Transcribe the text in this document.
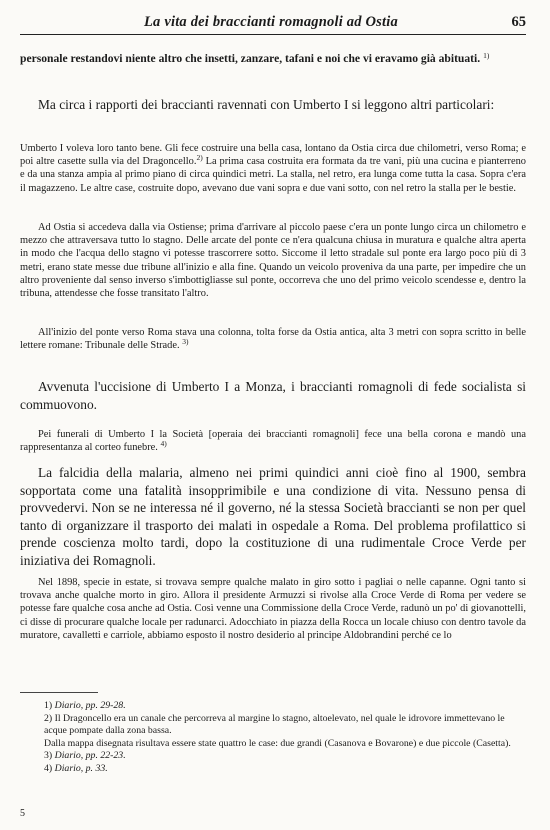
La vita dei braccianti romagnoli ad Ostia	65

personale restandovi niente altro che insetti, zanzare, tafani e noi che vi eravamo già abituati. $^{1)}$

Ma circa i rapporti dei braccianti ravennati con Umberto I si leggono altri particolari:

Umberto I voleva loro tanto bene. Gli fece costruire una bella casa, lontano da Ostia circa due chilometri, verso Roma; e poi altre casette sulla via del Dragoncello.$^{2)}$ La prima casa costruita era formata da tre vani, più una cucina e pianterreno e da una stanza ampia al primo piano di circa quindici metri. La stalla, nel retro, era lunga come tutta la casa. Sopra c'era il magazzeno. Le altre case, costruite dopo, avevano due vani sopra e due vani sotto, con nel retro la stalla per le bestie.

Ad Ostia si accedeva dalla via Ostiense; prima d'arrivare al piccolo paese c'era un ponte lungo circa un chilometro e mezzo che attraversava tutto lo stagno. Delle arcate del ponte ce n'era qualcuna chiusa in muratura e qualche altra aperta in modo che l'acqua dello stagno vi potesse trascorrere sotto. Siccome il letto stradale sul ponte era largo poco più di 3 metri, erano state messe due tribune all'inizio e alla fine. Quando un veicolo proveniva da una parte, per impedire che un altro proveniente dal senso inverso s'imbottigliasse sul ponte, occorreva che uno del primo veicolo scendesse e, dentro la tribuna, attendesse che fosse transitato l'altro.

All'inizio del ponte verso Roma stava una colonna, tolta forse da Ostia antica, alta 3 metri con sopra scritto in belle lettere romane: Tribunale delle Strade. $^{3)}$

Avvenuta l'uccisione di Umberto I a Monza, i braccianti romagnoli di fede socialista si commuovono.

Pei funerali di Umberto I la Società [operaia dei braccianti romagnoli] fece una bella corona e mandò una rappresentanza al corteo funebre. $^{4)}$

La falcidia della malaria, almeno nei primi quindici anni cioè fino al 1900, sembra sopportata come una fatalità insopprimibile e una condizione di vita. Nessuno pensa di provvedervi. Non se ne interessa né il governo, né la stessa Società braccianti se non per quel tanto di organizzare il trasporto dei malati in ospedale a Roma. Del problema profilattico si prende coscienza molto tardi, dopo la costituzione di una rudimentale Croce Verde per iniziativa dei Romagnoli.

Nel 1898, specie in estate, si trovava sempre qualche malato in giro sotto i pagliai o nelle capanne. Ogni tanto si trovava anche qualche morto in giro. Allora il presidente Armuzzi si rivolse alla Croce Verde di Roma per vedere se potesse fare qualche cosa anche ad Ostia. Così venne una Commissione della Croce Verde, radunò un po' di giovanottelli, ci disse di procurare qualche locale per radunarci. Adocchiato in piazza della Rocca un locale chiuso con dentro tavole da muratore, cavalletti e carriole, abbiamo esposto il nostro desiderio al principe Aldobrandini perché ce lo

1) Diario, pp. 29-28.

2) Il Dragoncello era un canale che percorreva al margine lo stagno, altoelevato, nel quale le idrovore immettevano le acque pompate dalla zona bassa.

Dalla mappa disegnata risultava essere state quattro le case: due grandi (Casanova e Bovarone) e due piccole (Casetta).

3) Diario, pp. 22-23.

4) Diario, p. 33.

5
